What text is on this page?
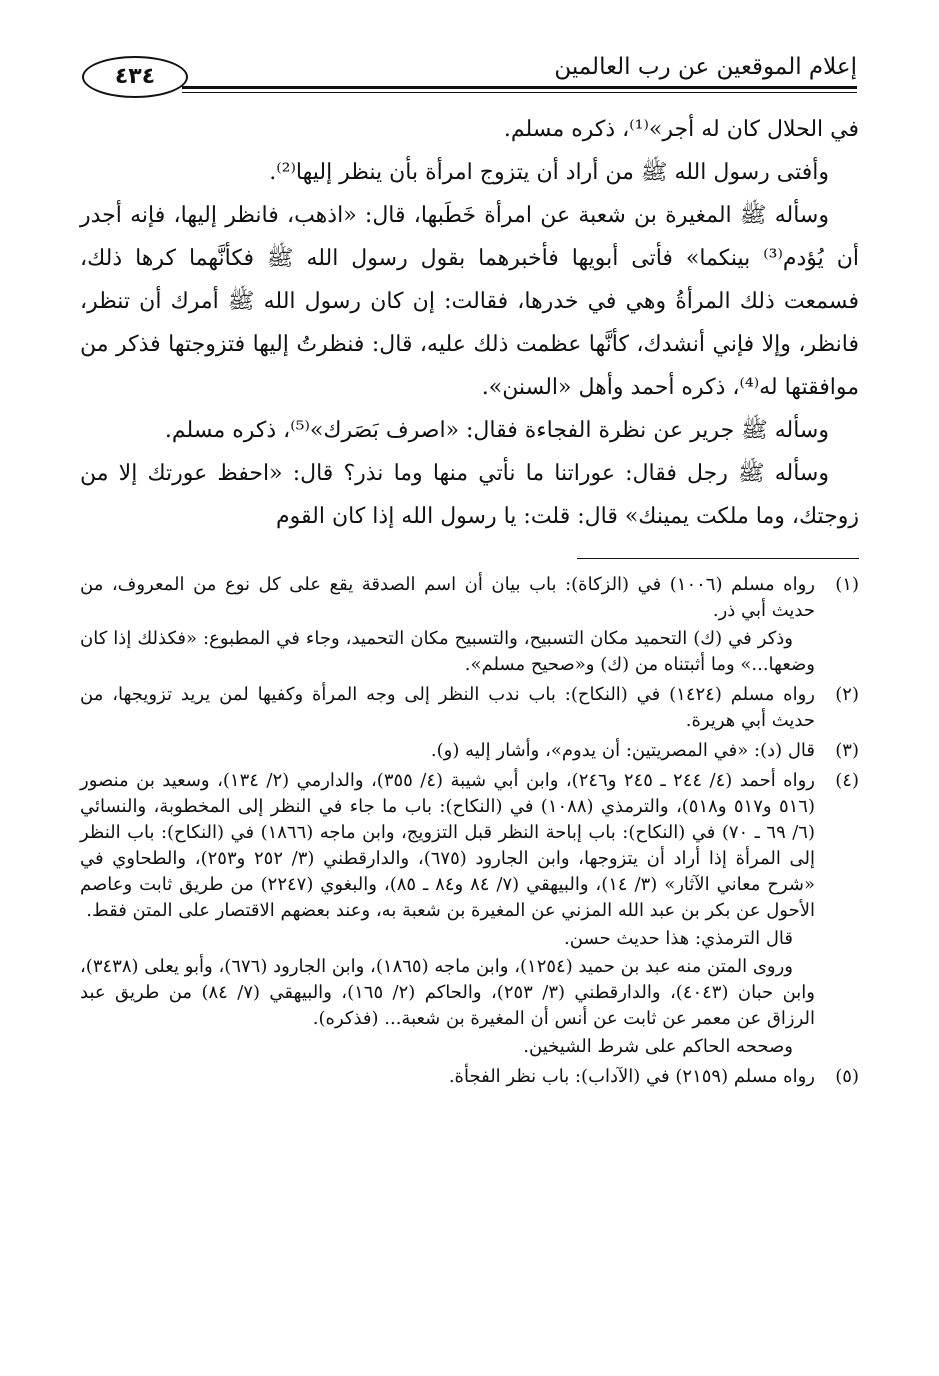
إعلام الموقعين عن رب العالمين
٤٣٤

في الحلال كان له أجر»⁽¹⁾، ذكره مسلم.

وأفتى رسول الله ﷺ من أراد أن يتزوج امرأة بأن ينظر إليها⁽²⁾.

وسأله ﷺ المغيرة بن شعبة عن امرأة خَطَبها، قال: «اذهب، فانظر إليها، فإنه أجدر أن يُؤدم⁽³⁾ بينكما» فأتى أبويها فأخبرهما بقول رسول الله ﷺ فكأنَّهما كرها ذلك، فسمعت ذلك المرأةُ وهي في خدرها، فقالت: إن كان رسول الله ﷺ أمرك أن تنظر، فانظر، وإلا فإني أنشدك، كأنَّها عظمت ذلك عليه، قال: فنظرتُ إليها فتزوجتها فذكر من موافقتها له⁽⁴⁾، ذكره أحمد وأهل «السنن».

وسأله ﷺ جرير عن نظرة الفجاءة فقال: «اصرف بَصَرك»⁽⁵⁾، ذكره مسلم.

وسأله ﷺ رجل فقال: عوراتنا ما نأتي منها وما نذر؟ قال: «احفظ عورتك إلا من زوجتك، وما ملكت يمينك» قال: قلت: يا رسول الله إذا كان القوم

(١)

رواه مسلم (١٠٠٦) في (الزكاة): باب بيان أن اسم الصدقة يقع على كل نوع من المعروف، من حديث أبي ذر.

وذكر في (ك) التحميد مكان التسبيح، والتسبيح مكان التحميد، وجاء في المطبوع: «فكذلك إذا كان وضعها...» وما أثبتناه من (ك) و«صحيح مسلم».

(٢)

رواه مسلم (١٤٢٤) في (النكاح): باب ندب النظر إلى وجه المرأة وكفيها لمن يريد تزويجها، من حديث أبي هريرة.

(٣)

قال (د): «في المصريتين: أن يدوم»، وأشار إليه (و).

(٤)

رواه أحمد (٤/ ٢٤٤ ـ ٢٤٥ و٢٤٦)، وابن أبي شيبة (٤/ ٣٥٥)، والدارمي (٢/ ١٣٤)، وسعيد بن منصور (٥١٦ و٥١٧ و٥١٨)، والترمذي (١٠٨٨) في (النكاح): باب ما جاء في النظر إلى المخطوبة، والنسائي (٦/ ٦٩ ـ ٧٠) في (النكاح): باب إباحة النظر قبل التزويج، وابن ماجه (١٨٦٦) في (النكاح): باب النظر إلى المرأة إذا أراد أن يتزوجها، وابن الجارود (٦٧٥)، والدارقطني (٣/ ٢٥٢ و٢٥٣)، والطحاوي في «شرح معاني الآثار» (٣/ ١٤)، والبيهقي (٧/ ٨٤ و٨٤ ـ ٨٥)، والبغوي (٢٢٤٧) من طريق ثابت وعاصم الأحول عن بكر بن عبد الله المزني عن المغيرة بن شعبة به، وعند بعضهم الاقتصار على المتن فقط.

قال الترمذي: هذا حديث حسن.

وروى المتن منه عبد بن حميد (١٢٥٤)، وابن ماجه (١٨٦٥)، وابن الجارود (٦٧٦)، وأبو يعلى (٣٤٣٨)، وابن حبان (٤٠٤٣)، والدارقطني (٣/ ٢٥٣)، والحاكم (٢/ ١٦٥)، والبيهقي (٧/ ٨٤) من طريق عبد الرزاق عن معمر عن ثابت عن أنس أن المغيرة بن شعبة... (فذكره).

وصححه الحاكم على شرط الشيخين.

(٥)

رواه مسلم (٢١٥٩) في (الآداب): باب نظر الفجأة.
